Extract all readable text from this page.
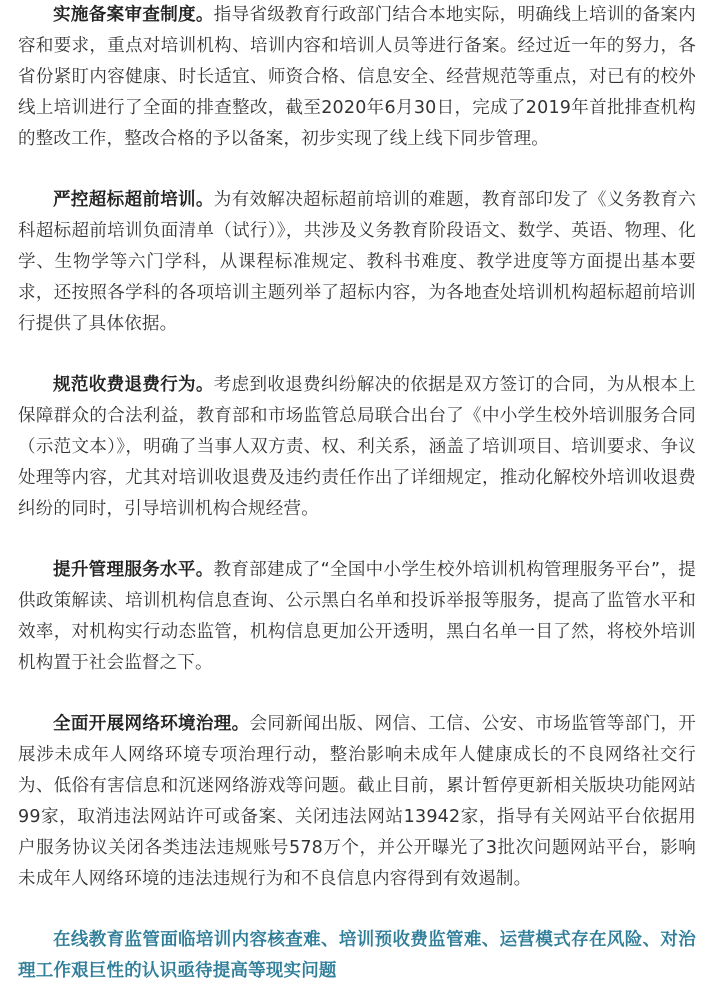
实施备案审查制度。指导省级教育行政部门结合本地实际，明确线上培训的备案内容和要求，重点对培训机构、培训内容和培训人员等进行备案。经过近一年的努力，各省份紧盯内容健康、时长适宜、师资合格、信息安全、经营规范等重点，对已有的校外线上培训进行了全面的排查整改，截至2020年6月30日，完成了2019年首批排查机构的整改工作，整改合格的予以备案，初步实现了线上线下同步管理。

严控超标超前培训。为有效解决超标超前培训的难题，教育部印发了《义务教育六科超标超前培训负面清单（试行）》，共涉及义务教育阶段语文、数学、英语、物理、化学、生物学等六门学科，从课程标准规定、教科书难度、教学进度等方面提出基本要求，还按照各学科的各项培训主题列举了超标内容，为各地查处培训机构超标超前培训行提供了具体依据。

规范收费退费行为。考虑到收退费纠纷解决的依据是双方签订的合同，为从根本上保障群众的合法利益，教育部和市场监管总局联合出台了《中小学生校外培训服务合同（示范文本）》，明确了当事人双方责、权、利关系，涵盖了培训项目、培训要求、争议处理等内容，尤其对培训收退费及违约责任作出了详细规定，推动化解校外培训收退费纠纷的同时，引导培训机构合规经营。

提升管理服务水平。教育部建成了“全国中小学生校外培训机构管理服务平台”，提供政策解读、培训机构信息查询、公示黑白名单和投诉举报等服务，提高了监管水平和效率，对机构实行动态监管，机构信息更加公开透明，黑白名单一目了然，将校外培训机构置于社会监督之下。

全面开展网络环境治理。会同新闻出版、网信、工信、公安、市场监管等部门，开展涉未成年人网络环境专项治理行动，整治影响未成年人健康成长的不良网络社交行为、低俗有害信息和沉迷网络游戏等问题。截止目前，累计暂停更新相关版块功能网站99家，取消违法网站许可或备案、关闭违法网站13942家，指导有关网站平台依据用户服务协议关闭各类违法违规账号578万个，并公开曝光了3批次问题网站平台，影响未成年人网络环境的违法违规行为和不良信息内容得到有效遏制。

在线教育监管面临培训内容核查难、培训预收费监管难、运营模式存在风险、对治理工作艰巨性的认识亟待提高等现实问题
